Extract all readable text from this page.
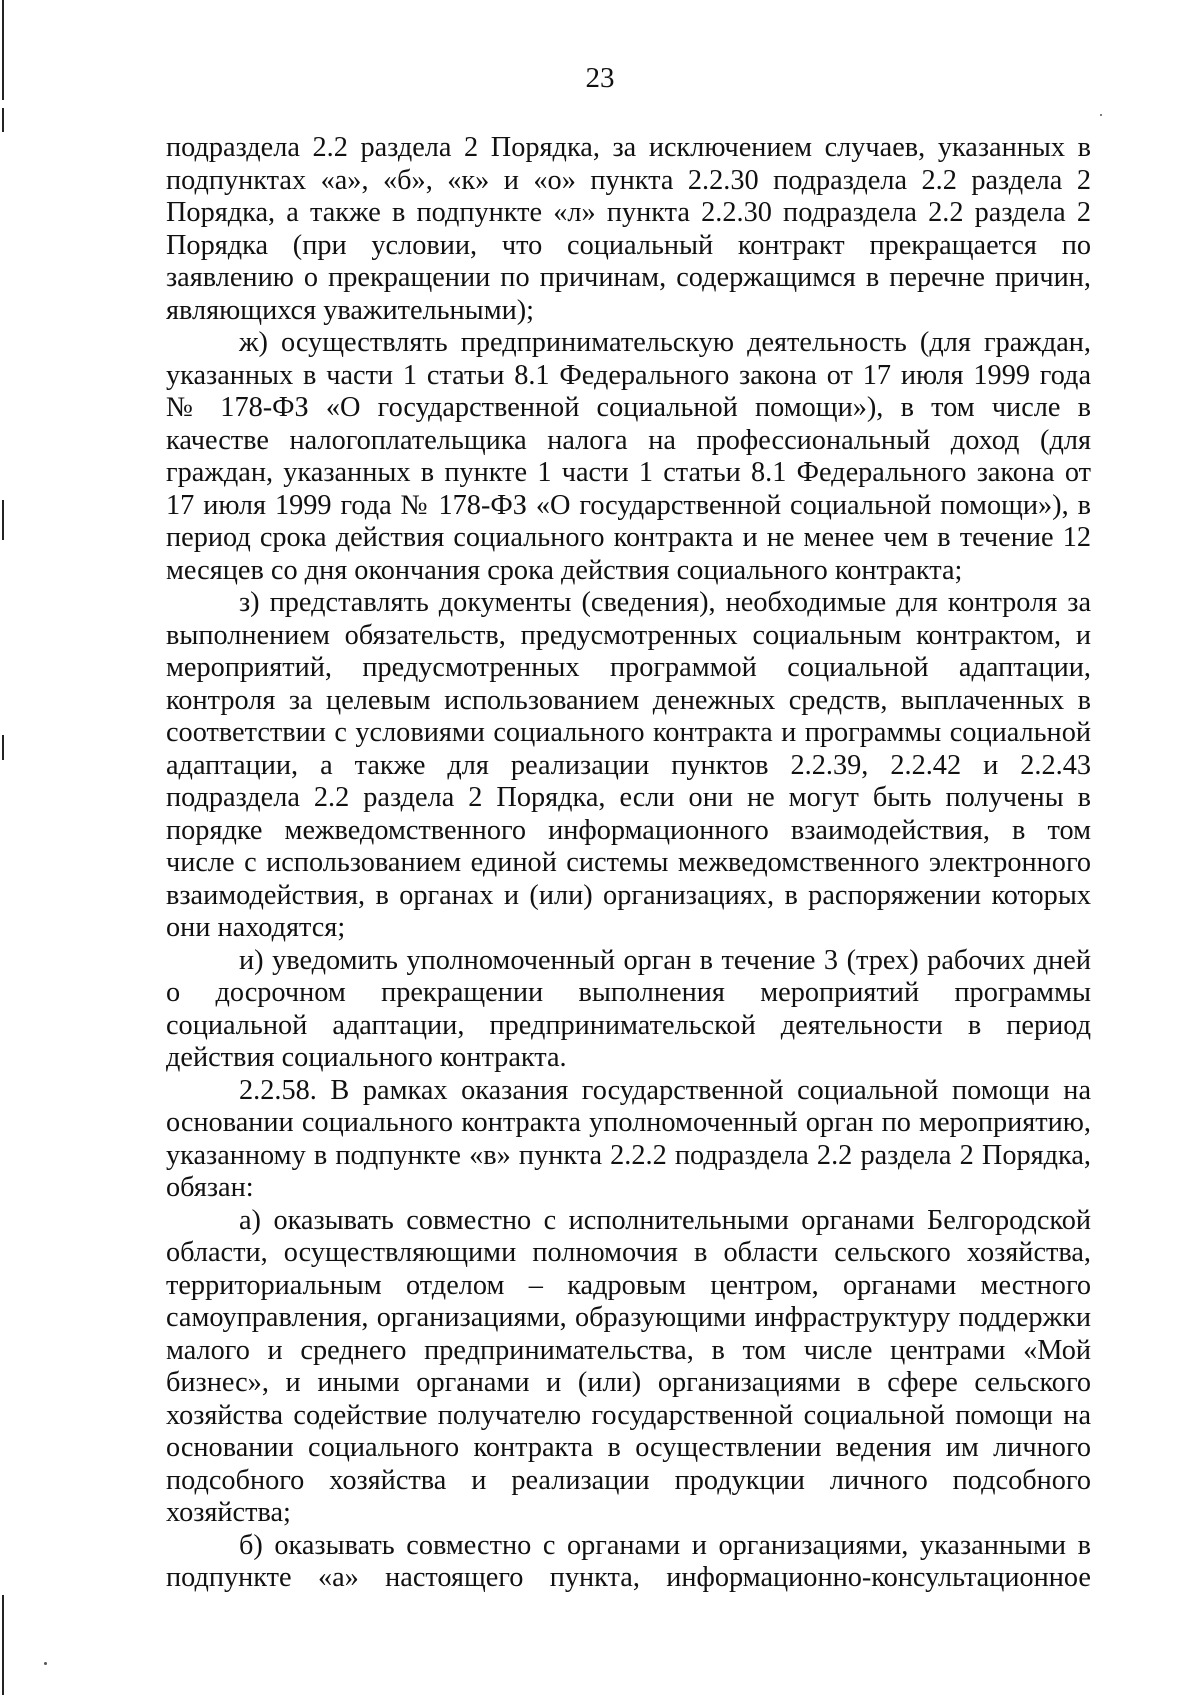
23

подраздела 2.2 раздела 2 Порядка, за исключением случаев, указанных в подпунктах «а», «б», «к» и «о» пункта 2.2.30 подраздела 2.2 раздела 2 Порядка, а также в подпункте «л» пункта 2.2.30 подраздела 2.2 раздела 2 Порядка (при условии, что социальный контракт прекращается по заявлению о прекращении по причинам, содержащимся в перечне причин, являющихся уважительными);

ж) осуществлять предпринимательскую деятельность (для граждан, указанных в части 1 статьи 8.1 Федерального закона от 17 июля 1999 года № 178-ФЗ «О государственной социальной помощи»), в том числе в качестве налогоплательщика налога на профессиональный доход (для граждан, указанных в пункте 1 части 1 статьи 8.1 Федерального закона от 17 июля 1999 года № 178-ФЗ «О государственной социальной помощи»), в период срока действия социального контракта и не менее чем в течение 12 месяцев со дня окончания срока действия социального контракта;

з) представлять документы (сведения), необходимые для контроля за выполнением обязательств, предусмотренных социальным контрактом, и мероприятий, предусмотренных программой социальной адаптации, контроля за целевым использованием денежных средств, выплаченных в соответствии с условиями социального контракта и программы социальной адаптации, а также для реализации пунктов 2.2.39, 2.2.42 и 2.2.43 подраздела 2.2 раздела 2 Порядка, если они не могут быть получены в порядке межведомственного информационного взаимодействия, в том числе с использованием единой системы межведомственного электронного взаимодействия, в органах и (или) организациях, в распоряжении которых они находятся;

и) уведомить уполномоченный орган в течение 3 (трех) рабочих дней о досрочном прекращении выполнения мероприятий программы социальной адаптации, предпринимательской деятельности в период действия социального контракта.

2.2.58. В рамках оказания государственной социальной помощи на основании социального контракта уполномоченный орган по мероприятию, указанному в подпункте «в» пункта 2.2.2 подраздела 2.2 раздела 2 Порядка, обязан:

а) оказывать совместно с исполнительными органами Белгородской области, осуществляющими полномочия в области сельского хозяйства, территориальным отделом – кадровым центром, органами местного самоуправления, организациями, образующими инфраструктуру поддержки малого и среднего предпринимательства, в том числе центрами «Мой бизнес», и иными органами и (или) организациями в сфере сельского хозяйства содействие получателю государственной социальной помощи на основании социального контракта в осуществлении ведения им личного подсобного хозяйства и реализации продукции личного подсобного хозяйства;

б) оказывать совместно с органами и организациями, указанными в подпункте «а» настоящего пункта, информационно-консультационное
